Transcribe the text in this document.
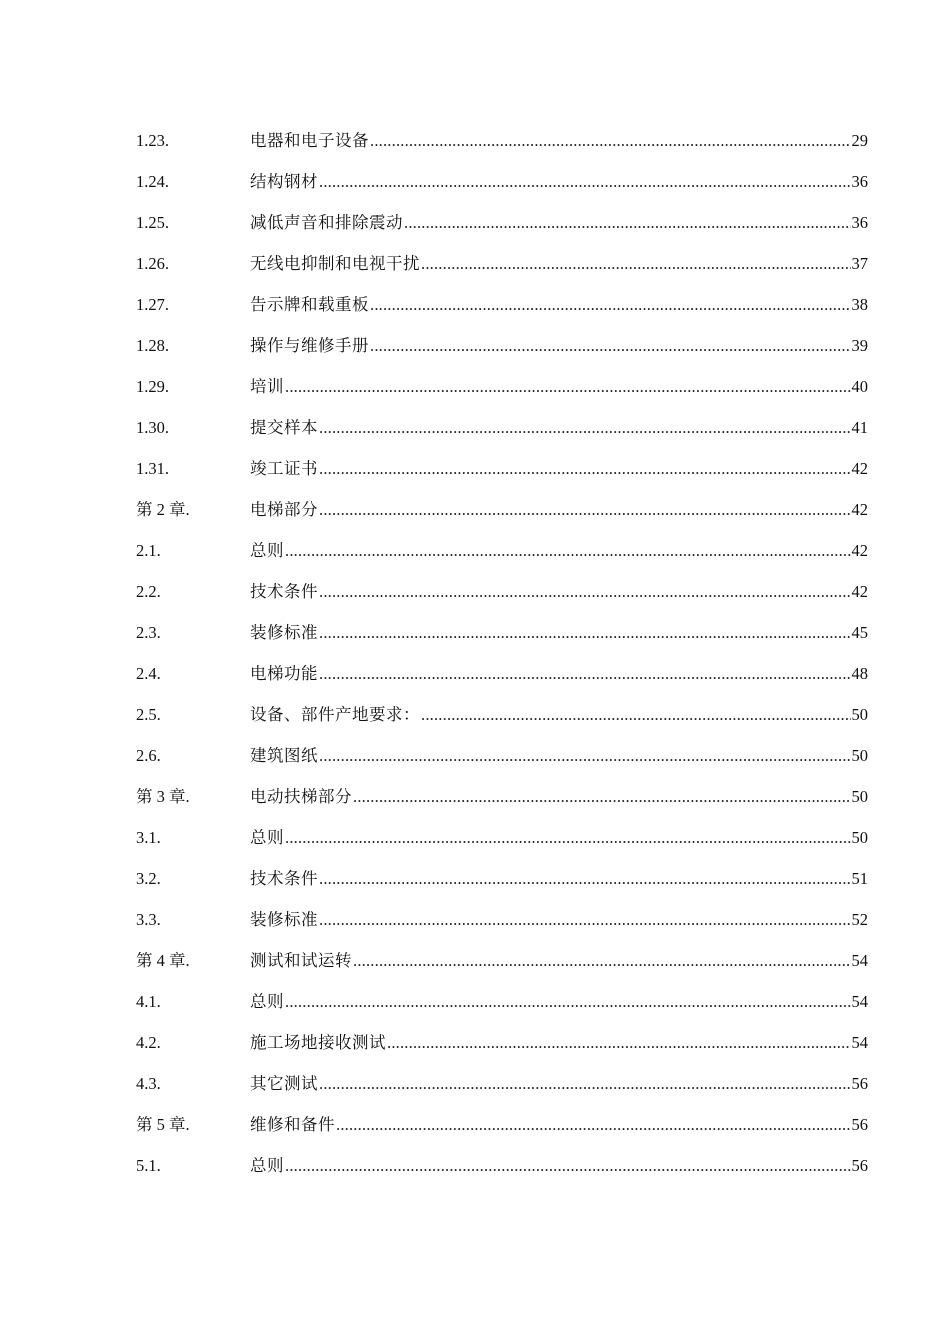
1.23.	电器和电子设备 .....	29
1.24.	结构钢材 .....	36
1.25.	减低声音和排除震动 .....	36
1.26.	无线电抑制和电视干扰 .....	37
1.27.	告示牌和载重板 .....	38
1.28.	操作与维修手册 .....	39
1.29.	培训 .....	40
1.30.	提交样本 .....	41
1.31.	竣工证书 .....	42
第 2 章.	电梯部分 .....	42
2.1.	总则 .....	42
2.2.	技术条件 .....	42
2.3.	装修标准 .....	45
2.4.	电梯功能 .....	48
2.5.	设备、部件产地要求： .....	50
2.6.	建筑图纸 .....	50
第 3 章.	电动扶梯部分 .....	50
3.1.	总则 .....	50
3.2.	技术条件 .....	51
3.3.	装修标准 .....	52
第 4 章.	测试和试运转 .....	54
4.1.	总则 .....	54
4.2.	施工场地接收测试 .....	54
4.3.	其它测试 .....	56
第 5 章.	维修和备件 .....	56
5.1.	总则 .....	56
